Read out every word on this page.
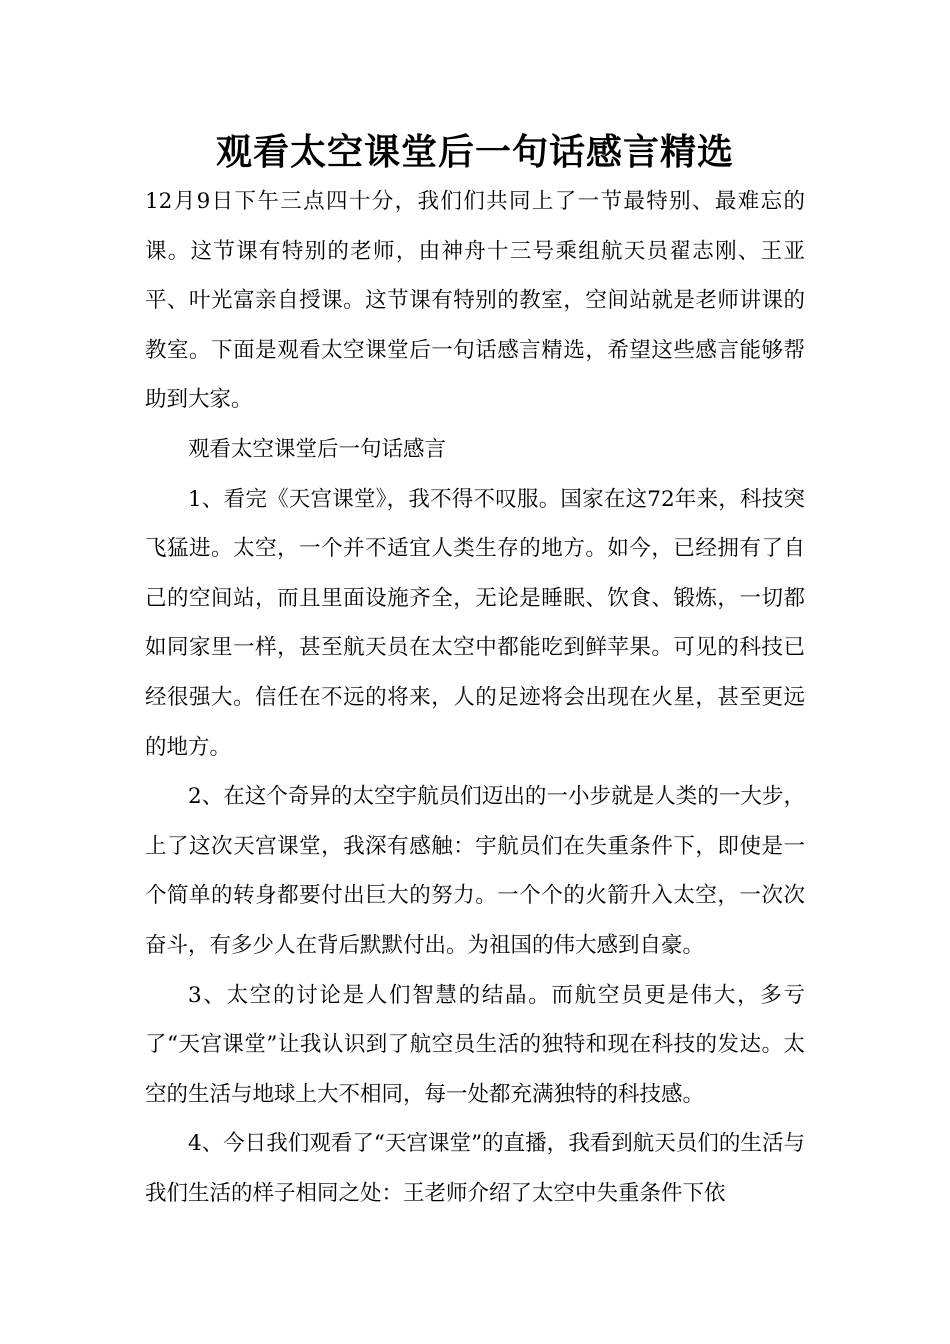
观看太空课堂后一句话感言精选

12月9日下午三点四十分，我们们共同上了一节最特别、最难忘的课。这节课有特别的老师，由神舟十三号乘组航天员翟志刚、王亚平、叶光富亲自授课。这节课有特别的教室，空间站就是老师讲课的教室。下面是观看太空课堂后一句话感言精选，希望这些感言能够帮助到大家。

观看太空课堂后一句话感言

1、看完《天宫课堂》，我不得不叹服。国家在这72年来，科技突飞猛进。太空，一个并不适宜人类生存的地方。如今，已经拥有了自己的空间站，而且里面设施齐全，无论是睡眠、饮食、锻炼，一切都如同家里一样，甚至航天员在太空中都能吃到鲜苹果。可见的科技已经很强大。信任在不远的将来，人的足迹将会出现在火星，甚至更远的地方。

2、在这个奇异的太空宇航员们迈出的一小步就是人类的一大步，上了这次天宫课堂，我深有感触：宇航员们在失重条件下，即使是一个简单的转身都要付出巨大的努力。一个个的火箭升入太空，一次次奋斗，有多少人在背后默默付出。为祖国的伟大感到自豪。

3、太空的讨论是人们智慧的结晶。而航空员更是伟大，多亏了“天宫课堂”让我认识到了航空员生活的独特和现在科技的发达。太空的生活与地球上大不相同，每一处都充满独特的科技感。

4、今日我们观看了“天宫课堂”的直播，我看到航天员们的生活与我们生活的样子相同之处：王老师介绍了太空中失重条件下依
